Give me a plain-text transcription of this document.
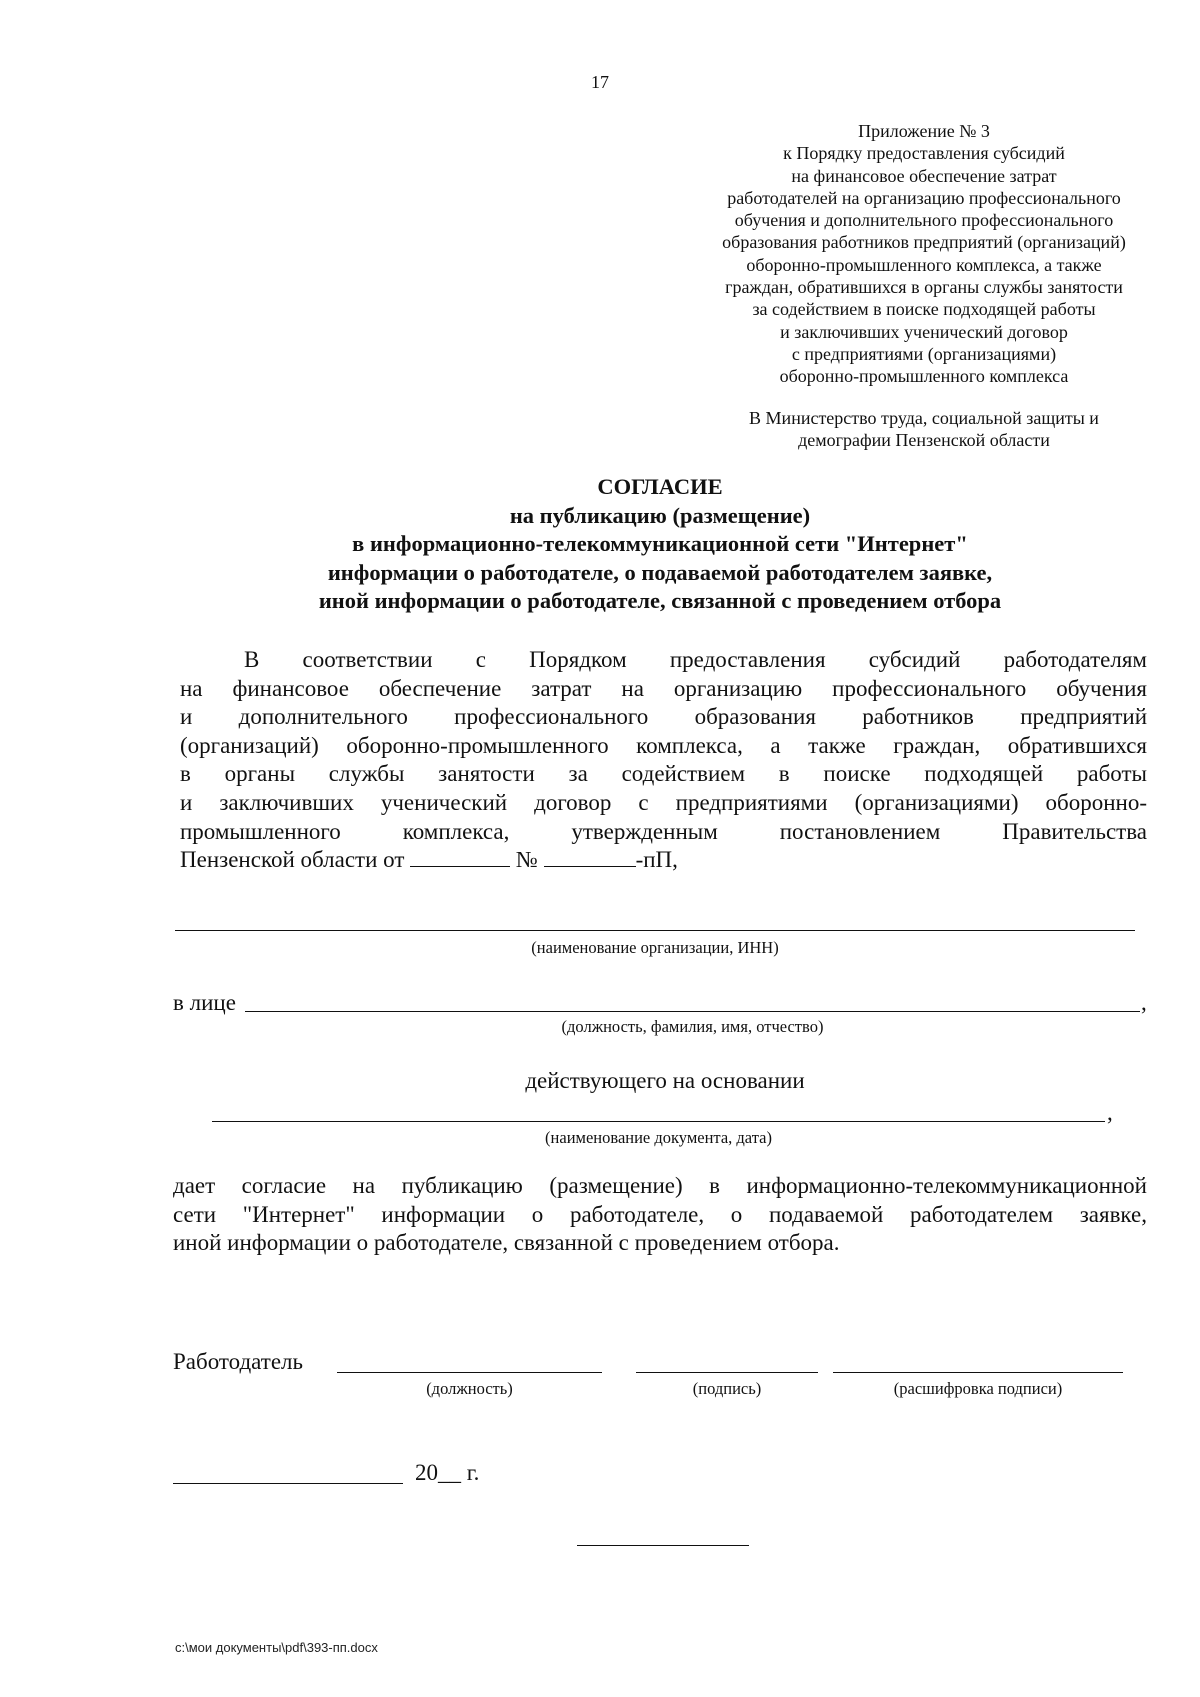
17
Приложение № 3
к Порядку предоставления субсидий
на финансовое обеспечение затрат
работодателей на организацию профессионального
обучения и дополнительного профессионального
образования работников предприятий (организаций)
оборонно-промышленного комплекса, а также
граждан, обратившихся в органы службы занятости
за содействием в поиске подходящей работы
и заключивших ученический договор
с предприятиями (организациями)
оборонно-промышленного комплекса
В Министерство труда, социальной защиты и
демографии Пензенской области
СОГЛАСИЕ
на публикацию (размещение)
в информационно-телекоммуникационной сети "Интернет"
информации о работодателе, о подаваемой работодателем заявке,
иной информации о работодателе, связанной с проведением отбора
В соответствии с Порядком предоставления субсидий работодателям
на финансовое обеспечение затрат на организацию профессионального обучения
и дополнительного профессионального образования работников предприятий
(организаций) оборонно-промышленного комплекса, а также граждан, обратившихся
в органы службы занятости за содействием в поиске подходящей работы
и заключивших ученический договор с предприятиями (организациями) оборонно-
промышленного комплекса, утвержденным постановлением Правительства
Пензенской области от	№	-пП,
(наименование организации, ИНН)
в лице	,
(должность, фамилия, имя, отчество)
действующего на основании
,
(наименование документа, дата)
дает согласие на публикацию (размещение) в информационно-телекоммуникационной
сети "Интернет" информации о работодателе, о подаваемой работодателем заявке,
иной информации о работодателе, связанной с проведением отбора.
Работодатель
(должность)	(подпись)	(расшифровка подписи)
20__ г.
c:\мои документы\pdf\393-пп.docx
